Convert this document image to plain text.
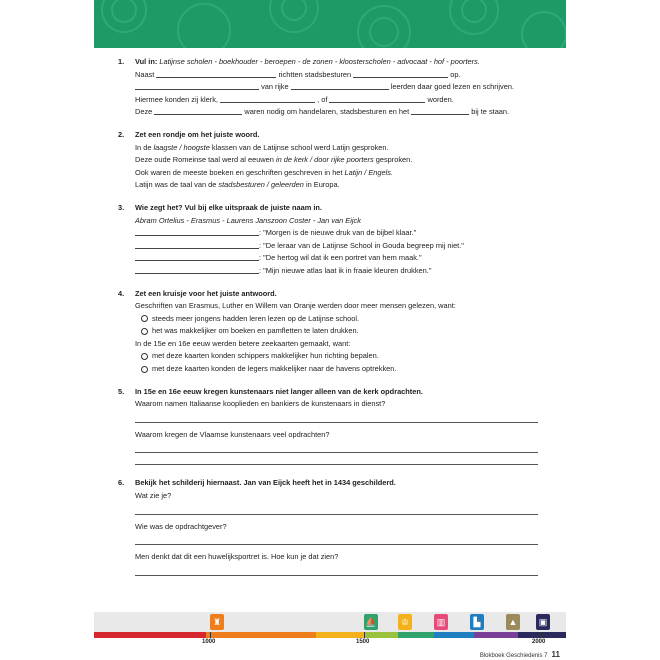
1.	Vul in: Latijnse scholen - boekhouder - beroepen - de zonen - kloosterscholen - advocaat - hof - poorters.
Naast	richtten stadsbesturen	op.
van rijke	leerden daar goed lezen en schrijven.
Hiermee konden zij klerk,	, of	worden.
Deze	waren nodig om handelaren, stadsbesturen en het	bij te staan.
2.	Zet een rondje om het juiste woord.
In de laagste / hoogste klassen van de Latijnse school werd Latijn gesproken.
Deze oude Romeinse taal werd al eeuwen in de kerk / door rijke poorters gesproken.
Ook waren de meeste boeken en geschriften geschreven in het Latijn / Engels.
Latijn was de taal van de stadsbesturen / geleerden in Europa.
3.	Wie zegt het? Vul bij elke uitspraak de juiste naam in.
Abram Ortelius - Erasmus - Laurens Janszoon Coster - Jan van Eijck
: "Morgen is de nieuwe druk van de bijbel klaar."
: "De leraar van de Latijnse School in Gouda begreep mij niet."
: "De hertog wil dat ik een portret van hem maak."
: "Mijn nieuwe atlas laat ik in fraaie kleuren drukken."
4.	Zet een kruisje voor het juiste antwoord.
Geschriften van Erasmus, Luther en Willem van Oranje werden door meer mensen gelezen, want:
steeds meer jongens hadden leren lezen op de Latijnse school.
het was makkelijker om boeken en pamfletten te laten drukken.
In de 15e en 16e eeuw werden betere zeekaarten gemaakt, want:
met deze kaarten konden schippers makkelijker hun richting bepalen.
met deze kaarten konden de legers makkelijker naar de havens optrekken.
5.	In 15e en 16e eeuw kregen kunstenaars niet langer alleen van de kerk opdrachten.
Waarom namen Italiaanse kooplieden en bankiers de kunstenaars in dienst?
Waarom kregen de Vlaamse kunstenaars veel opdrachten?
6.	Bekijk het schilderij hiernaast. Jan van Eijck heeft het in 1434 geschilderd.
Wat zie je?
Wie was de opdrachtgever?
Men denkt dat dit een huwelijksportret is. Hoe kun je dat zien?
♜	⛵	♔	▥	▙	▲	▣
1000	1500	2000
Blokboek Geschiedenis 7 11
